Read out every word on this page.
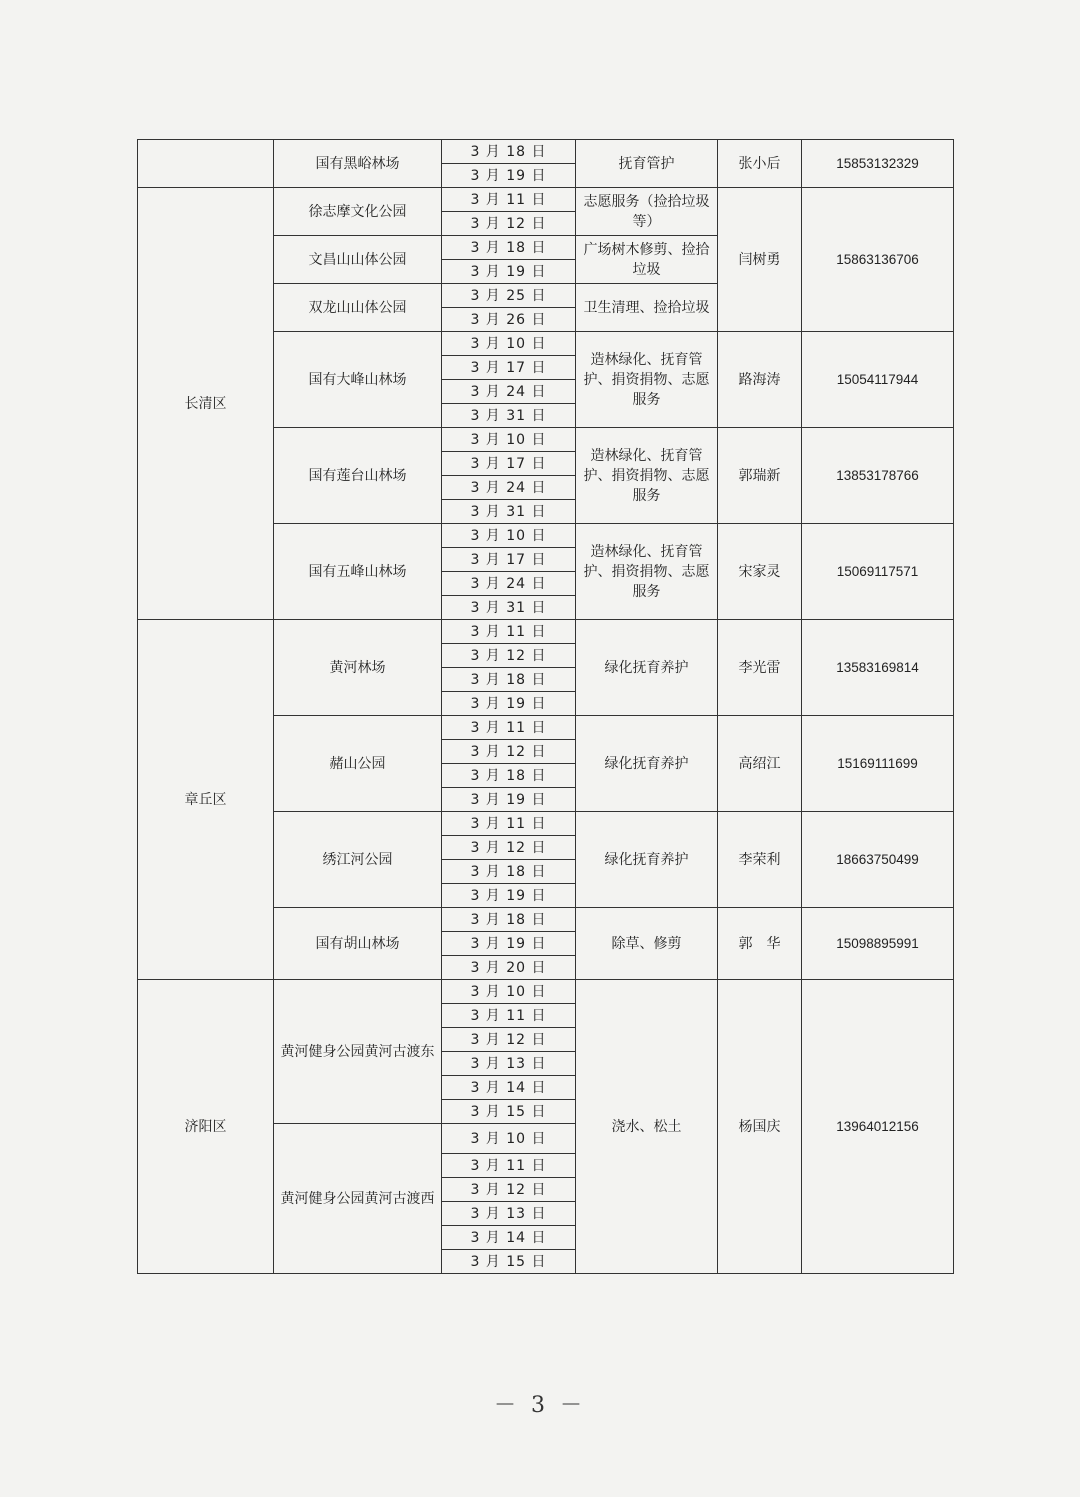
	国有黑峪林场	3 月 18 日	抚育管护	张小后	15853132329
		3 月 19 日			
长清区	徐志摩文化公园	3 月 11 日	志愿服务（捡拾垃圾等）	闫树勇	15863136706
		3 月 12 日			
	文昌山山体公园	3 月 18 日	广场树木修剪、捡拾垃圾		
		3 月 19 日			
	双龙山山体公园	3 月 25 日	卫生清理、捡拾垃圾		
		3 月 26 日			
	国有大峰山林场	3 月 10 日	造林绿化、抚育管护、捐资捐物、志愿服务	路海涛	15054117944
		3 月 17 日			
		3 月 24 日			
		3 月 31 日			
	国有莲台山林场	3 月 10 日	造林绿化、抚育管护、捐资捐物、志愿服务	郭瑞新	13853178766
		3 月 17 日			
		3 月 24 日			
		3 月 31 日			
	国有五峰山林场	3 月 10 日	造林绿化、抚育管护、捐资捐物、志愿服务	宋家灵	15069117571
		3 月 17 日			
		3 月 24 日			
		3 月 31 日			
章丘区	黄河林场	3 月 11 日	绿化抚育养护	李光雷	13583169814
		3 月 12 日			
		3 月 18 日			
		3 月 19 日			
	赭山公园	3 月 11 日	绿化抚育养护	高绍江	15169111699
		3 月 12 日			
		3 月 18 日			
		3 月 19 日			
	绣江河公园	3 月 11 日	绿化抚育养护	李荣利	18663750499
		3 月 12 日			
		3 月 18 日			
		3 月 19 日			
	国有胡山林场	3 月 18 日	除草、修剪	郭　华	15098895991
		3 月 19 日			
		3 月 20 日			
济阳区	黄河健身公园黄河古渡东	3 月 10 日	浇水、松土	杨国庆	13964012156
		3 月 11 日			
		3 月 12 日			
		3 月 13 日			
		3 月 14 日			
		3 月 15 日			
	黄河健身公园黄河古渡西	3 月 10 日			
		3 月 11 日			
		3 月 12 日			
		3 月 13 日			
		3 月 14 日			
		3 月 15 日			
－ 3 －
